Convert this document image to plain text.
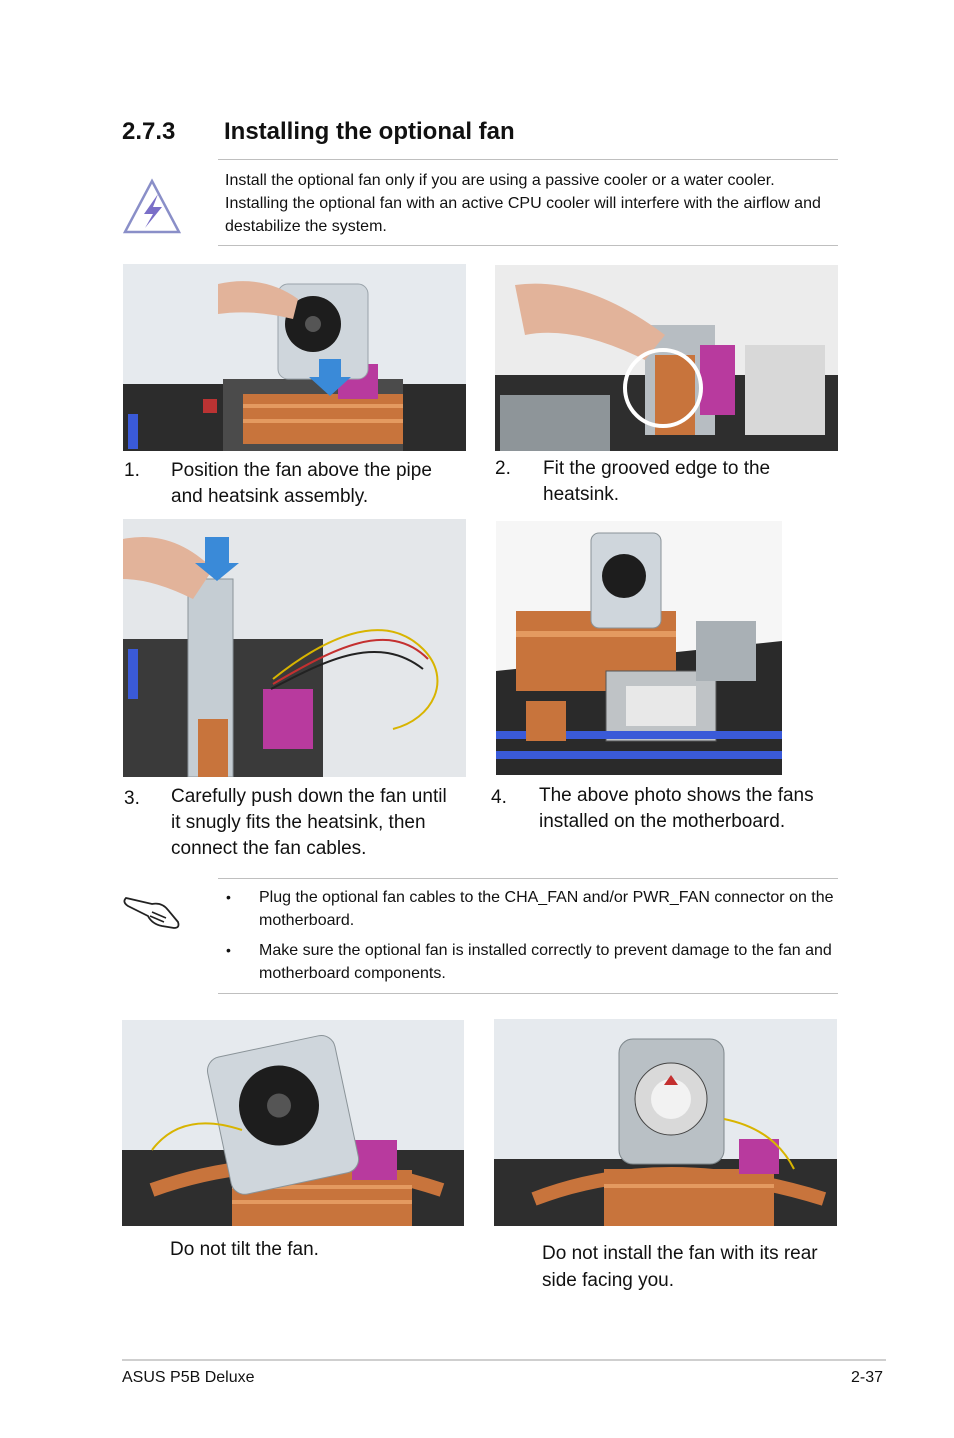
2.7.3 Installing the optional fan
Install the optional fan only if you are using a passive cooler or a water cooler. Installing the optional fan with an active CPU cooler will interfere with the airflow and destabilize the system.
1. Position the fan above the pipe and heatsink assembly.
2. Fit the grooved edge to the heatsink.
3. Carefully push down the fan until it snugly fits the heatsink, then connect the fan cables.
4. The above photo shows the fans installed on the motherboard.
• Plug the optional fan cables to the CHA_FAN and/or PWR_FAN connector on the motherboard.
• Make sure the optional fan is installed correctly to prevent damage to the fan and motherboard components.
Do not tilt the fan.	Do not install the fan with its rear side facing you.
ASUS P5B Deluxe	2-37
